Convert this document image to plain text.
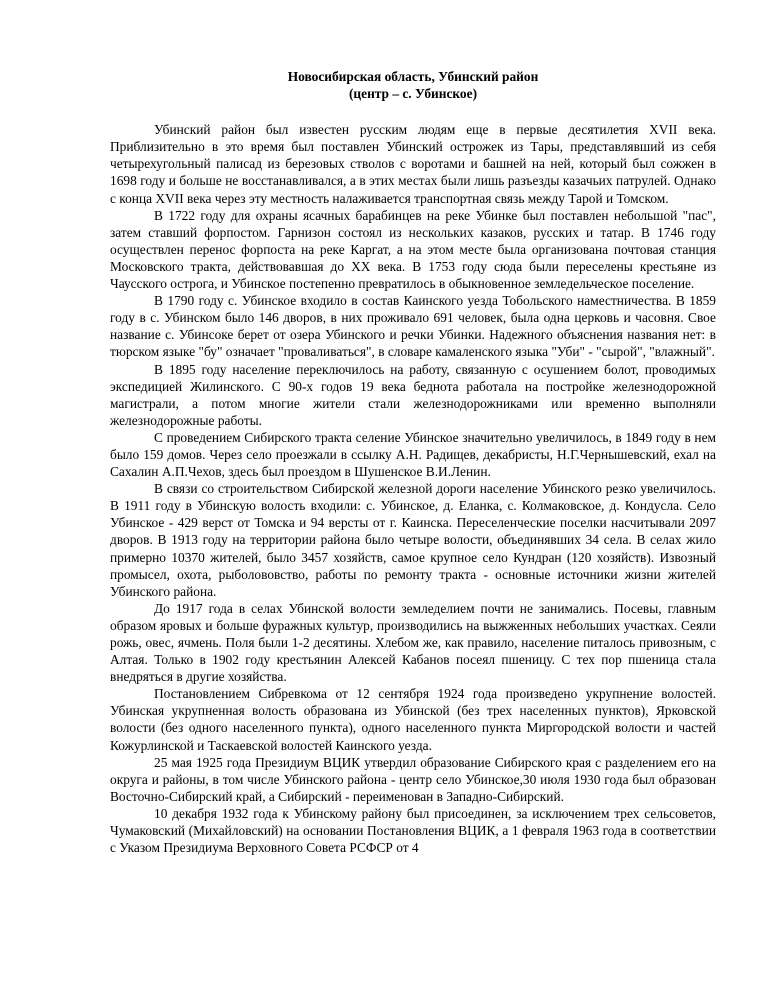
Новосибирская область, Убинский район

(центр – с. Убинское)

Убинский район был известен русским людям еще в первые десятилетия XVII века. Приблизительно в это время был поставлен Убинский острожек из Тары, представлявший из себя четырехугольный палисад из березовых стволов с воротами и башней на ней, который был сожжен в 1698 году и больше не восстанавливался, а в этих местах были лишь разъезды казачьих патрулей. Однако с конца XVII века через эту местность налаживается транспортная связь между Тарой и Томском.

В 1722 году для охраны ясачных барабинцев на реке Убинке был поставлен небольшой "пас", затем ставший форпостом. Гарнизон состоял из нескольких казаков, русских и татар. В 1746 году осуществлен перенос форпоста на реке Каргат, а на этом месте была организована почтовая станция Московского тракта, действовавшая до XX века. В 1753 году сюда были переселены крестьяне из Чаусского острога, и Убинское постепенно превратилось в обыкновенное земледельческое поселение.

В 1790 году с. Убинское входило в состав Каинского уезда Тобольского наместничества. В 1859 году в с. Убинском было 146 дворов, в них проживало 691 человек, была одна церковь и часовня. Свое название с. Убинсоке берет от озера Убинского и речки Убинки. Надежного объяснения названия нет: в тюрском языке "бу" означает "проваливаться", в словаре камаленского языка "Уби" - "сырой", "влажный".

В 1895 году население переключилось на работу, связанную с осушением болот, проводимых экспедицией Жилинского. С 90-х годов 19 века беднота работала на постройке железнодорожной магистрали, а потом многие жители стали железнодорожниками или временно выполняли железнодорожные работы.

С проведением Сибирского тракта селение Убинское значительно увеличилось, в 1849 году в нем было 159 домов. Через село проезжали в ссылку А.Н. Радищев, декабристы, Н.Г.Чернышевский, ехал на Сахалин А.П.Чехов, здесь был проездом в Шушенское В.И.Ленин.

В связи со строительством Сибирской железной дороги население Убинского резко увеличилось. В 1911 году в Убинскую волость входили: с. Убинское, д. Еланка, с. Колмаковское, д. Кондусла. Село Убинское - 429 верст от Томска и 94 версты от г. Каинска. Переселенческие поселки насчитывали 2097 дворов. В 1913 году на территории района было четыре волости, объединявших 34 села. В селах жило примерно 10370 жителей, было 3457 хозяйств, самое крупное село Кундран (120 хозяйств). Извозный промысел, охота, рыболововство, работы по ремонту тракта - основные источники жизни жителей Убинского района.

До 1917 года в селах Убинской волости земледелием почти не занимались. Посевы, главным образом яровых и больше фуражных культур, производились на выжженных небольших участках. Сеяли рожь, овес, ячмень. Поля были 1-2 десятины. Хлебом же, как правило, население питалось привозным, с Алтая. Только в 1902 году крестьянин Алексей Кабанов посеял пшеницу. С тех пор пшеница стала внедряться в другие хозяйства.

Постановлением Сибревкома от 12 сентября 1924 года произведено укрупнение волостей. Убинская укрупненная волость образована из Убинской (без трех населенных пунктов), Ярковской волости (без одного населенного пункта), одного населенного пункта Миргородской волости и частей Кожурлинской и Таскаевской волостей Каинского уезда.

25 мая 1925 года Президиум ВЦИК утвердил образование Сибирского края с разделением его на округа и районы, в том числе Убинского района - центр село Убинское,30 июля 1930 года был образован Восточно-Сибирский край, а Сибирский - переименован в Западно-Сибирский.

10 декабря 1932 года к Убинскому району был присоединен, за исключением трех сельсоветов, Чумаковский (Михайловский) на основании Постановления ВЦИК, а 1 февраля 1963 года в соответствии с Указом Президиума Верховного Совета РСФСР от 4
